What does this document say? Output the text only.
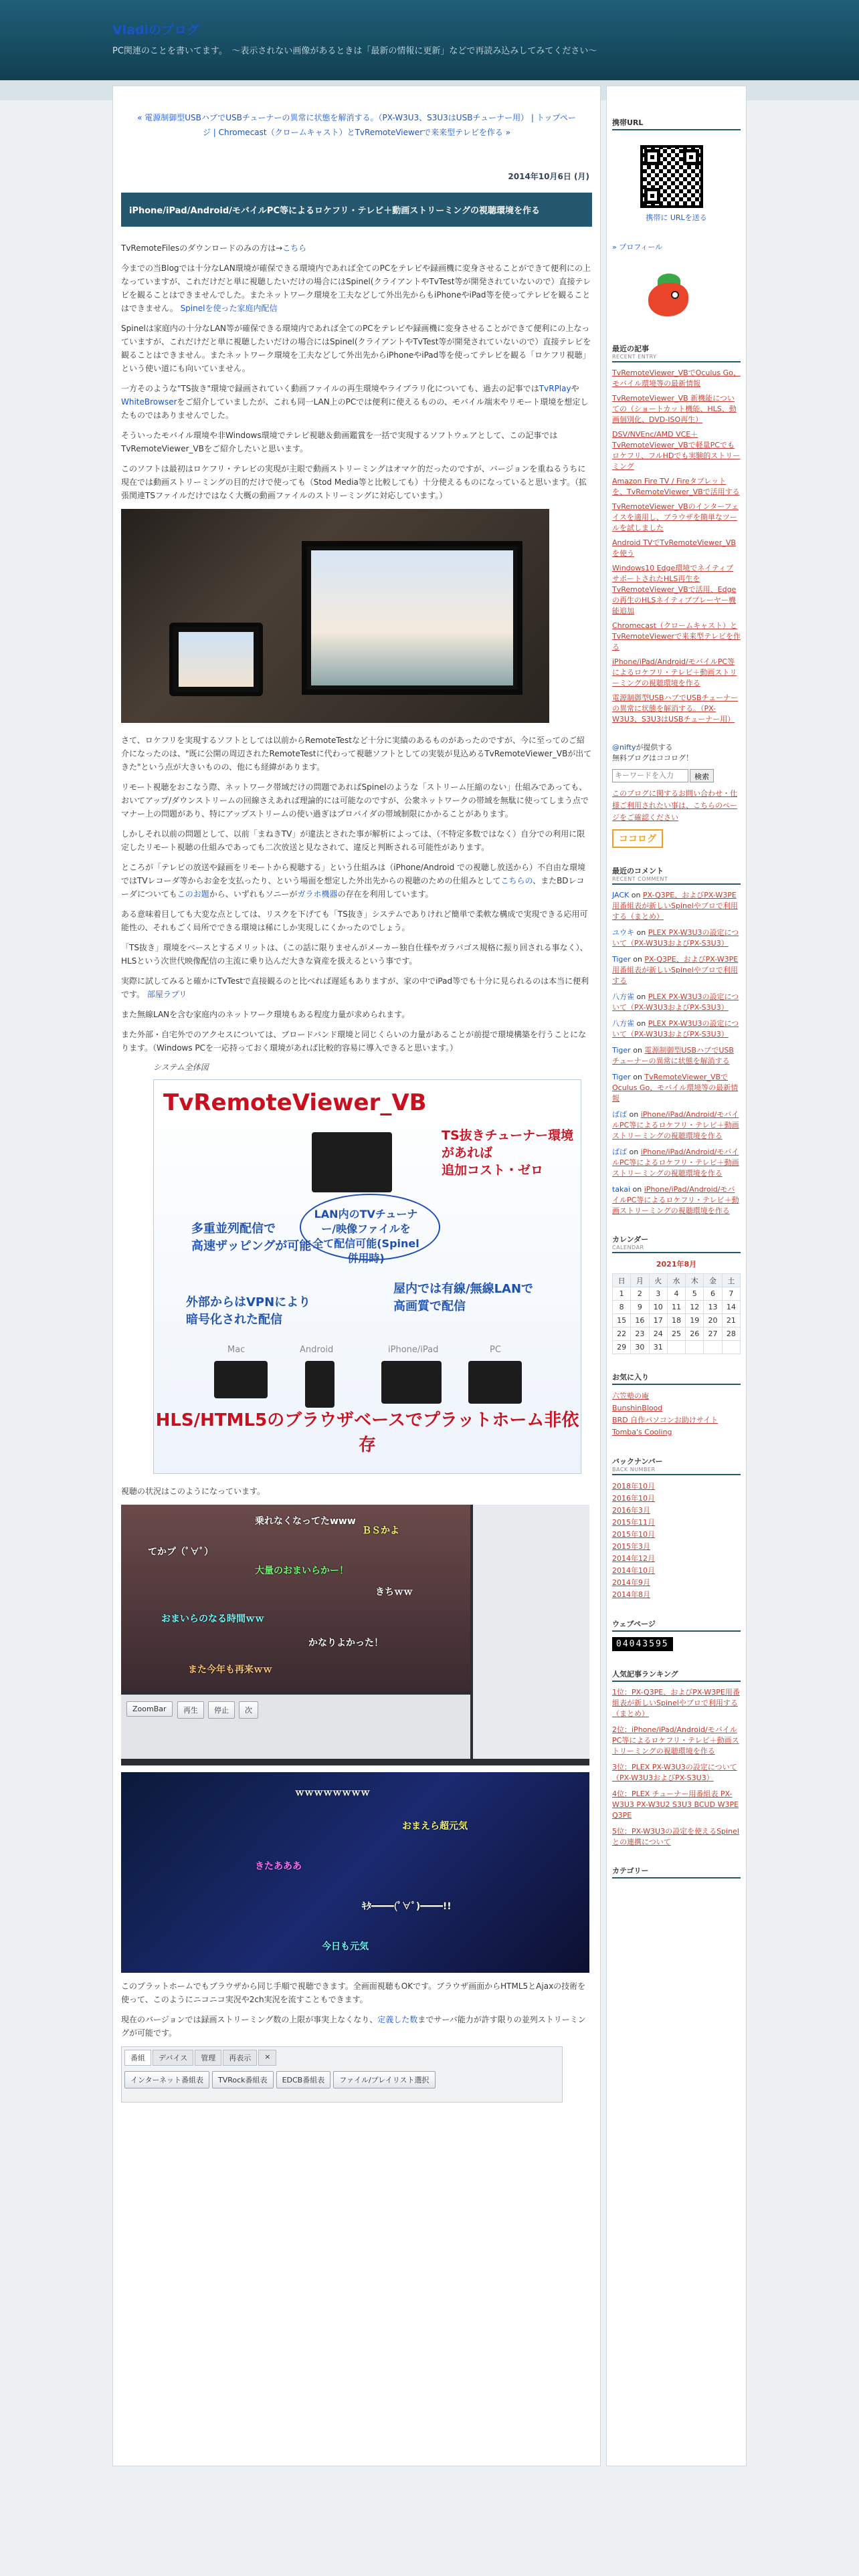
Vladiのブログ
PC関連のことを書いてます。　～表示されない画像があるときは「最新の情報に更新」などで再読み込みしてみてください～
« 電源制御型USBハブでUSBチューナーの異常に状態を解消する。（PX-W3U3、S3U3はUSBチューナー用） | トップページ | Chromecast（クロームキャスト）とTvRemoteViewerで来来型テレビを作る »
2014年10月6日 (月)
iPhone/iPad/Android/モバイルPC等によるロケフリ・テレビ＋動画ストリーミングの視聴環境を作る

TvRemoteFilesのダウンロードのみの方は→こちら

今までの当Blogでは十分なLAN環境が確保できる環境内であれば全てのPCをテレビや録画機に変身させることができて便利にの上なっていますが、これだけだと単に視聴したいだけの場合にはSpinel(クライアントやTvTest等が開発されていないので）直接テレビを観ることはできませんでした。またネットワーク環境を工夫などして外出先からもiPhoneやiPad等を使ってテレビを観ることはできません。 Spinelを使った家庭内配信

Spinelは家庭内の十分なLAN等が確保できる環境内であれば全てのPCをテレビや録画機に変身させることができて便利にの上なっていますが、これだけだと単に視聴したいだけの場合にはSpinel(クライアントやTvTest等が開発されていないので）直接テレビを観ることはできません。またネットワーク環境を工夫などして外出先からiPhoneやiPad等を使ってテレビを観る「ロケフリ視聴」という使い道にも向いていません。

一方そのような"TS抜き"環境で録画されていく動画ファイルの再生環境やライブラリ化についても、過去の記事ではTvRPlayやWhiteBrowserをご紹介していましたが、これも同一LAN上のPCでは便利に使えるものの、モバイル端末やリモート環境を想定したものではありませんでした。

そういったモバイル環境や非Windows環境でテレビ視聴＆動画鑑賞を一括で実現するソフトウェアとして、この記事ではTvRemoteViewer_VBをご紹介したいと思います。

このソフトは最初はロケフリ・テレビの実現が主眼で動画ストリーミングはオマケ的だったのですが、バージョンを重ねるうちに現在では動画ストリーミングの目的だけで使っても（Stod Media等と比較しても）十分使えるものになっていると思います。（拡張関連TSファイルだけではなく大概の動画ファイルのストリーミングに対応しています。）

さて、ロケフリを実現するソフトとしては以前からRemoteTestなど十分に実績のあるものがあったのですが、今に至ってのご紹介になったのは、"既に公開の周辺されたRemoteTestに代わって視聴ソフトとしての実装が見込めるTvRemoteViewer_VBが出てきた"という点が大きいものの、他にも経緯があります。

リモート視聴をおこなう際、ネットワーク帯域だけの問題であればSpinelのような「ストリーム圧縮のない」仕組みであっても、おいてアップ/ダウンストリームの回線さえあれば理論的には可能なのですが、公衆ネットワークの帯域を無駄に使ってしまう点でマナー上の問題があり、特にアップストリームの使い過ぎはプロバイダの帯域制限にかかることがあります。

しかしそれ以前の問題として、以前「まねきTV」が違法とされた事が解析によっては、（不特定多数ではなく）自分での利用に限定したリモート視聴の仕組みであっても二次放送と見なされて、違反と判断される可能性があります。

ところが「テレビの放送や録画をリモートから視聴する」という仕組みは（iPhone/Android での視聴し放送から）不自由な環境ではTVレコーダ等からお金を支払ったり、という場面を想定した外出先からの視聴のための仕組みとしてこちらの、またBDレコーダについてもこのお題から、いずれもソニーがガラホ機器の存在を利用しています。

ある意味着目しても大変な点としては、リスクを下げても「TS抜き」システムでありけれど簡単で柔軟な構成で実現できる応用可能性の、それもごく局所でできる環境は稀にしか実現しにくかったのでしょう。

「TS抜き」環境をベースとするメリットは、（この話に限りませんがメーカー独自仕様やガラパゴス規格に振り回される事なく）、HLSという次世代映像配信の主流に乗り込んだ大きな資産を扱えるという事です。

実際に試してみると確かにTvTestで直接観るのと比べれば遅延もありますが、家の中でiPad等でも十分に見られるのは本当に便利です。 部屋ラプリ

また無線LANを含む家庭内のネットワーク環境もある程度力量が求められます。

また外部・自宅外でのアクセスについては、ブロードバンド環境と同じくらいの力量があることが前提で環境構築を行うことになります。（Windows PCを一応持っておく環境があれば比較的容易に導入できると思います。）

システム全体図
TvRemoteViewer_VB
TS抜きチューナー環境があれば
追加コスト・ゼロ
LAN内のTVチューナー/映像ファイルを
全て配信可能(Spinel併用時)
多重並列配信で
高速ザッピングが可能
外部からはVPNにより
暗号化された配信
屋内では有線/無線LANで
高画質で配信
Mac	Android	iPhone/iPad	PC
HLS/HTML5のブラウザベースでプラットホーム非依存

視聴の状況はこのようになっています。

乗れなくなってたwww
ＢＳかよ
てかプ（ﾟ∀ﾟ）
大量のおまいらかー！
きちｗｗ
おまいらのなる時間ｗｗ
かなりよかった！
また今年も再来ｗｗ
ZoomBar	再生	停止	次
ｗｗｗｗｗｗｗｗ
おまえら超元気
きたあああ
ｷﾀ━━━━(ﾟ∀ﾟ)━━━━!!
今日も元気

このプラットホームでもブラウザから同じ手順で視聴できます。全画面視聴もOKです。ブラウザ画面からHTML5とAjaxの技術を使って、このようにニコニコ実況や2ch実況を流すこともできます。

現在のバージョンでは録画ストリーミング数の上限が事実上なくなり、定義した数までサーバ能力が許す限りの並列ストリーミングが可能です。

番組	デバイス	管理	再表示	×
インターネット番組表	TVRock番組表	EDCB番組表	ファイル/プレイリスト選択
携帯URL
携帯に URLを送る
» プロフィール
最近の記事
RECENT ENTRY
TvRemoteViewer_VBでOculus Go、モバイル環境等の最新情報
TvRemoteViewer_VB 新機能についての（ショートカット機能、HLS、動画個別化、DVD-ISO再生）
DSV/NVEnc/AMD VCE＋TvRemoteViewer_VBで軽量PCでもロケフリ、フルHDでも実験的ストリーミング
Amazon Fire TV / Fireタブレットを、TvRemoteViewer_VBで活用する
TvRemoteViewer_VBのインターフェイスを適用し、ブラウザを簡単なツールを試しました
Android TVでTvRemoteViewer_VBを使う
Windows10 Edge環境でネイティブサポートされたHLS再生をTvRemoteViewer_VBで活用、Edgeの再生のHLSネイティブプレーヤー機能追加
Chromecast（クロームキャスト）とTvRemoteViewerで来来型テレビを作る
iPhone/iPad/Android/モバイルPC等によるロケフリ・テレビ＋動画ストリーミングの視聴環境を作る
電源制御型USBハブでUSBチューナーの異常に状態を解消する。（PX-W3U3、S3U3はUSBチューナー用）
@niftyが提供する
無料ブログはココログ！
キーワードを入力
検索
このブログに関するお問い合わせ・仕様ご利用されたい事は、こちらのページをご確認ください
ココログ
最近のコメント
RECENT COMMENT
JACK on PX-Q3PE、およびPX-W3PE用番組表が新しいSpinelやブロで利用する（まとめ）
ユウキ on PLEX PX-W3U3の設定について（PX-W3U3およびPX-S3U3）
Tiger on PX-Q3PE、およびPX-W3PE用番組表が新しいSpinelやブロで利用する
八方雀 on PLEX PX-W3U3の設定について（PX-W3U3およびPX-S3U3）
八方雀 on PLEX PX-W3U3の設定について（PX-W3U3およびPX-S3U3）
Tiger on 電源制御型USBハブでUSBチューナーの異常に状態を解消する
Tiger on TvRemoteViewer_VBでOculus Go、モバイル環境等の最新情報
ばば on iPhone/iPad/Android/モバイルPC等によるロケフリ・テレビ＋動画ストリーミングの視聴環境を作る
ばば on iPhone/iPad/Android/モバイルPC等によるロケフリ・テレビ＋動画ストリーミングの視聴環境を作る
takai on iPhone/iPad/Android/モバイルPC等によるロケフリ・テレビ＋動画ストリーミングの視聴環境を作る
カレンダー
CALENDAR
2021年8月
日	月	火	水	木	金	土
1	2	3	4	5	6	7
8	9	10	11	12	13	14
15	16	17	18	19	20	21
22	23	24	25	26	27	28
29	30	31				
お気に入り
六笠塾の庵
BunshinBlood
BRD 自作パソコンお助けサイト
Tomba's Cooling
バックナンバー
BACK NUMBER
2018年10月
2016年10月
2016年3月
2015年11月
2015年10月
2015年3月
2014年12月
2014年10月
2014年9月
2014年8月
ウェブページ
04043595
人気記事ランキング
1位：PX-Q3PE、およびPX-W3PE用番組表が新しいSpinelやブロで利用する（まとめ）
2位：iPhone/iPad/Android/モバイルPC等によるロケフリ・テレビ＋動画ストリーミングの視聴環境を作る
3位：PLEX PX-W3U3の設定について（PX-W3U3およびPX-S3U3）
4位：PLEX チューナー用番組表 PX-W3U3 PX-W3U2 S3U3 BCUD W3PE Q3PE
5位：PX-W3U3の設定を使えるSpinelとの連携について
カテゴリー
